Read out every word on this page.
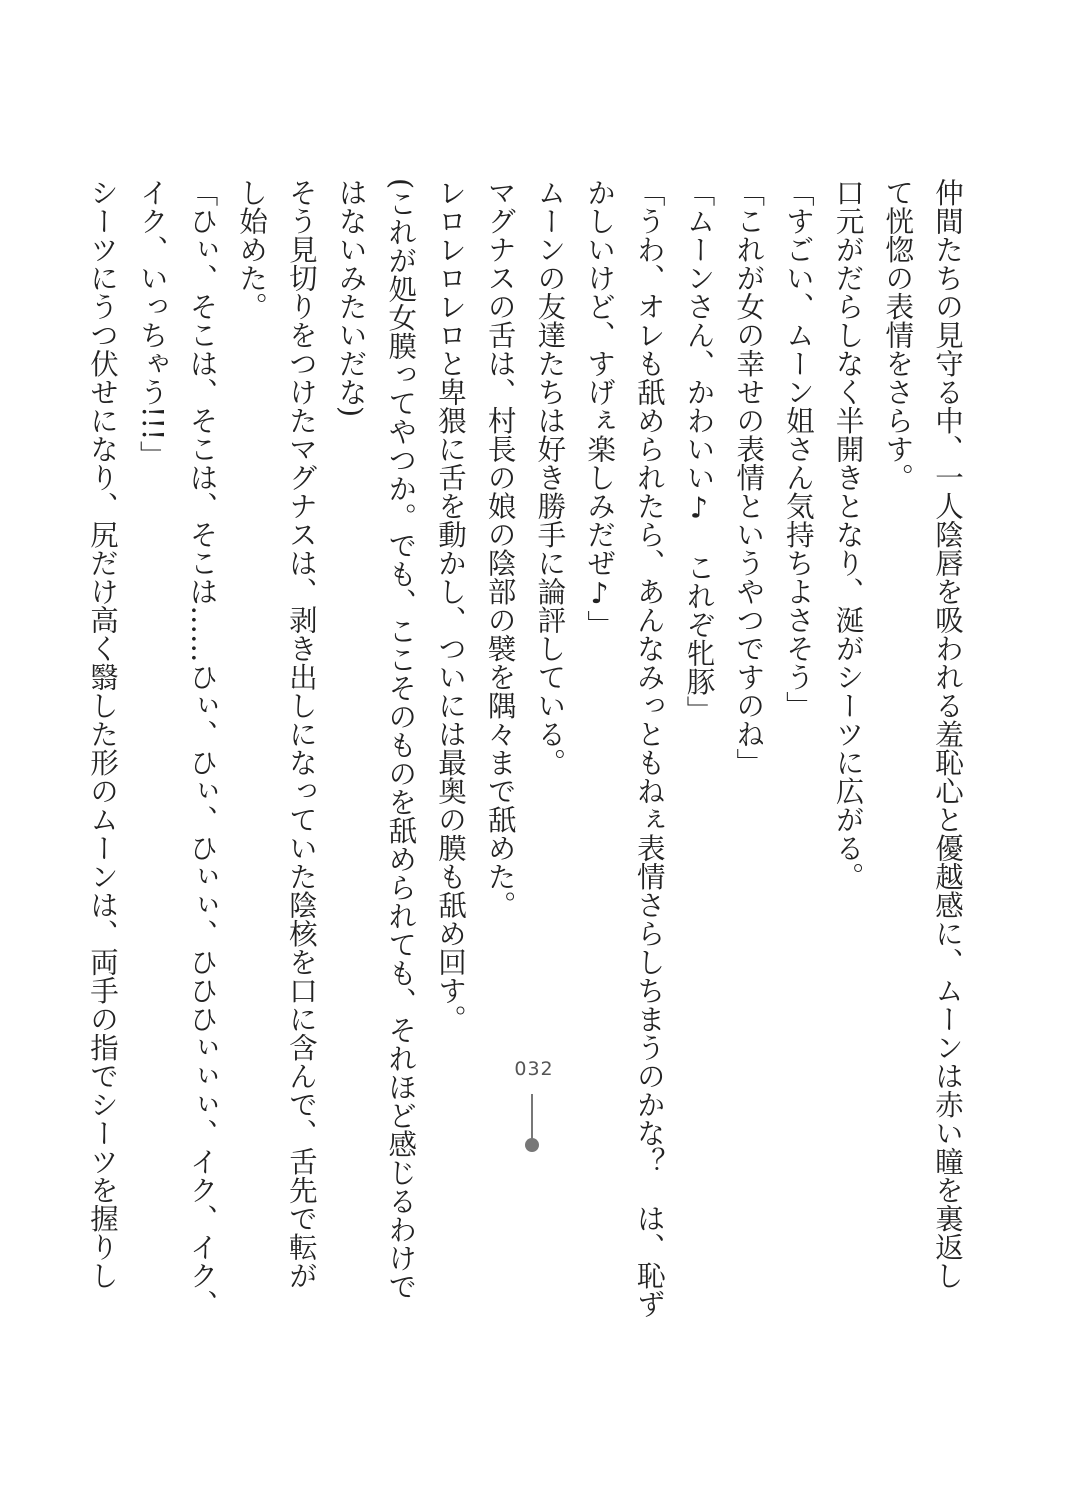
仲間たちの見守る中、一人陰唇を吸われる羞恥心と優越感に、ムーンは赤い瞳を裏返し

て恍惚の表情をさらす。

口元がだらしなく半開きとなり、涎がシーツに広がる。

「すごい、ムーン姐さん気持ちよさそう」

「これが女の幸せの表情というやつですのね」

「ムーンさん、かわいい♪　これぞ牝豚」

「うわ、オレも舐められたら、あんなみっともねぇ表情さらしちまうのかな？　は、恥ず

かしいけど、すげぇ楽しみだぜ♪」

ムーンの友達たちは好き勝手に論評している。

マグナスの舌は、村長の娘の陰部の襞を隅々まで舐めた。

レロレロレロと卑猥に舌を動かし、ついには最奥の膜も舐め回す。

(これが処女膜ってやつか。でも、ここそのものを舐められても、それほど感じるわけで

はないみたいだな)

そう見切りをつけたマグナスは、剥き出しになっていた陰核を口に含んで、舌先で転が

し始めた。

「ひぃ、そこは、そこは、そこは……ひぃ、ひぃ、ひぃぃ、ひひひぃぃぃ、イク、イク、

イク、いっちゃう!!!」

シーツにうつ伏せになり、尻だけ高く翳した形のムーンは、両手の指でシーツを握りし	032
